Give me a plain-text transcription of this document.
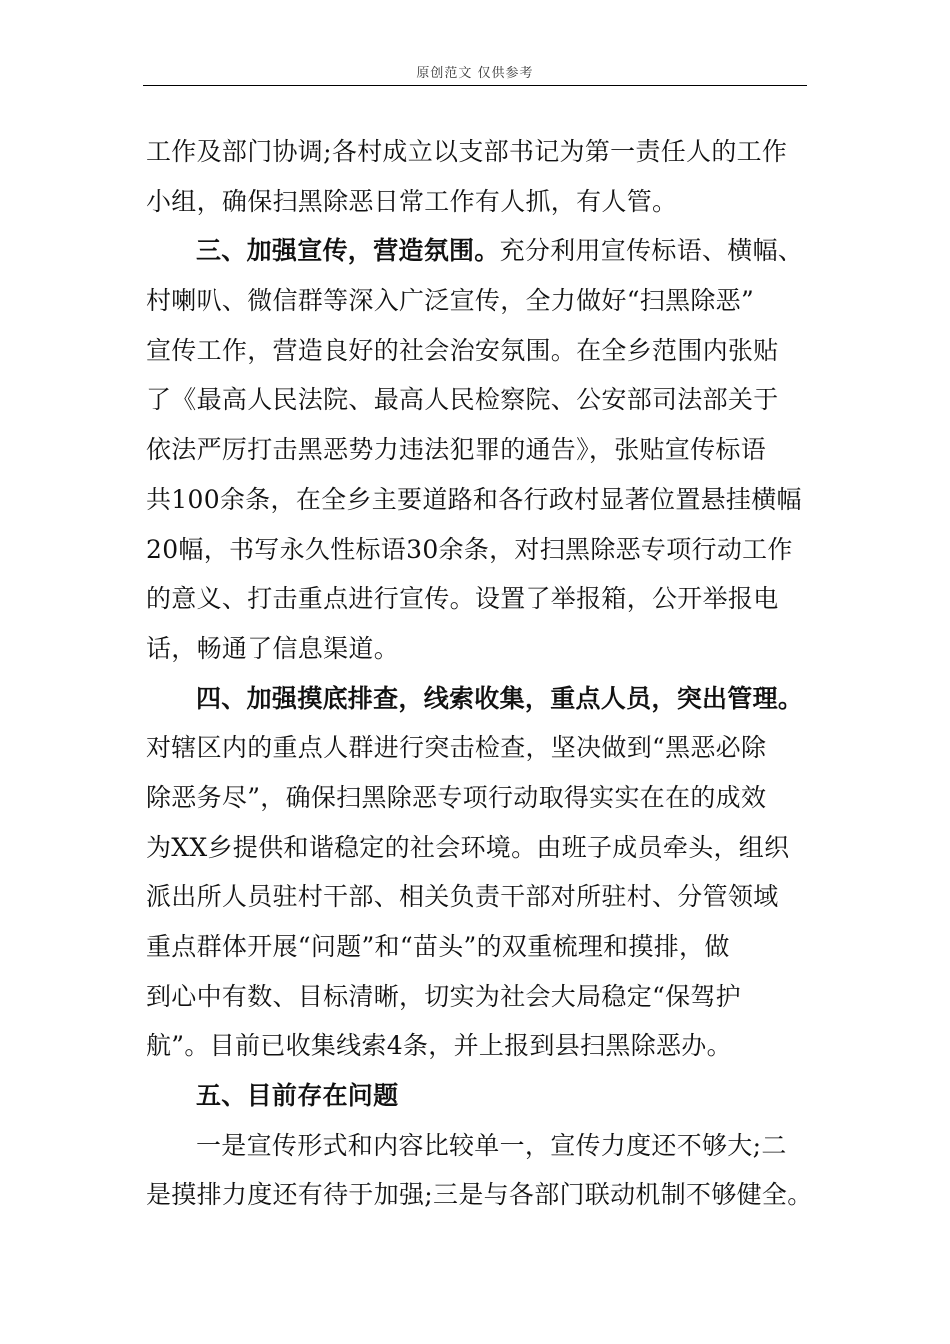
原创范文 仅供参考
工作及部门协调;各村成立以支部书记为第一责任人的工作
小组，确保扫黑除恶日常工作有人抓，有人管。
三、加强宣传，营造氛围。充分利用宣传标语、横幅、
村喇叭、微信群等深入广泛宣传，全力做好“扫黑除恶”
宣传工作，营造良好的社会治安氛围。在全乡范围内张贴
了《最高人民法院、最高人民检察院、公安部司法部关于
依法严厉打击黑恶势力违法犯罪的通告》，张贴宣传标语
共100余条，在全乡主要道路和各行政村显著位置悬挂横幅
20幅，书写永久性标语30余条，对扫黑除恶专项行动工作
的意义、打击重点进行宣传。设置了举报箱，公开举报电
话，畅通了信息渠道。
四、加强摸底排查，线索收集，重点人员，突出管理。
对辖区内的重点人群进行突击检查，坚决做到“黑恶必除
除恶务尽”，确保扫黑除恶专项行动取得实实在在的成效
为XX乡提供和谐稳定的社会环境。由班子成员牵头，组织
派出所人员驻村干部、相关负责干部对所驻村、分管领域
重点群体开展“问题”和“苗头”的双重梳理和摸排，做
到心中有数、目标清晰，切实为社会大局稳定“保驾护
航”。目前已收集线索4条，并上报到县扫黑除恶办。
五、目前存在问题
一是宣传形式和内容比较单一，宣传力度还不够大;二
是摸排力度还有待于加强;三是与各部门联动机制不够健全。
